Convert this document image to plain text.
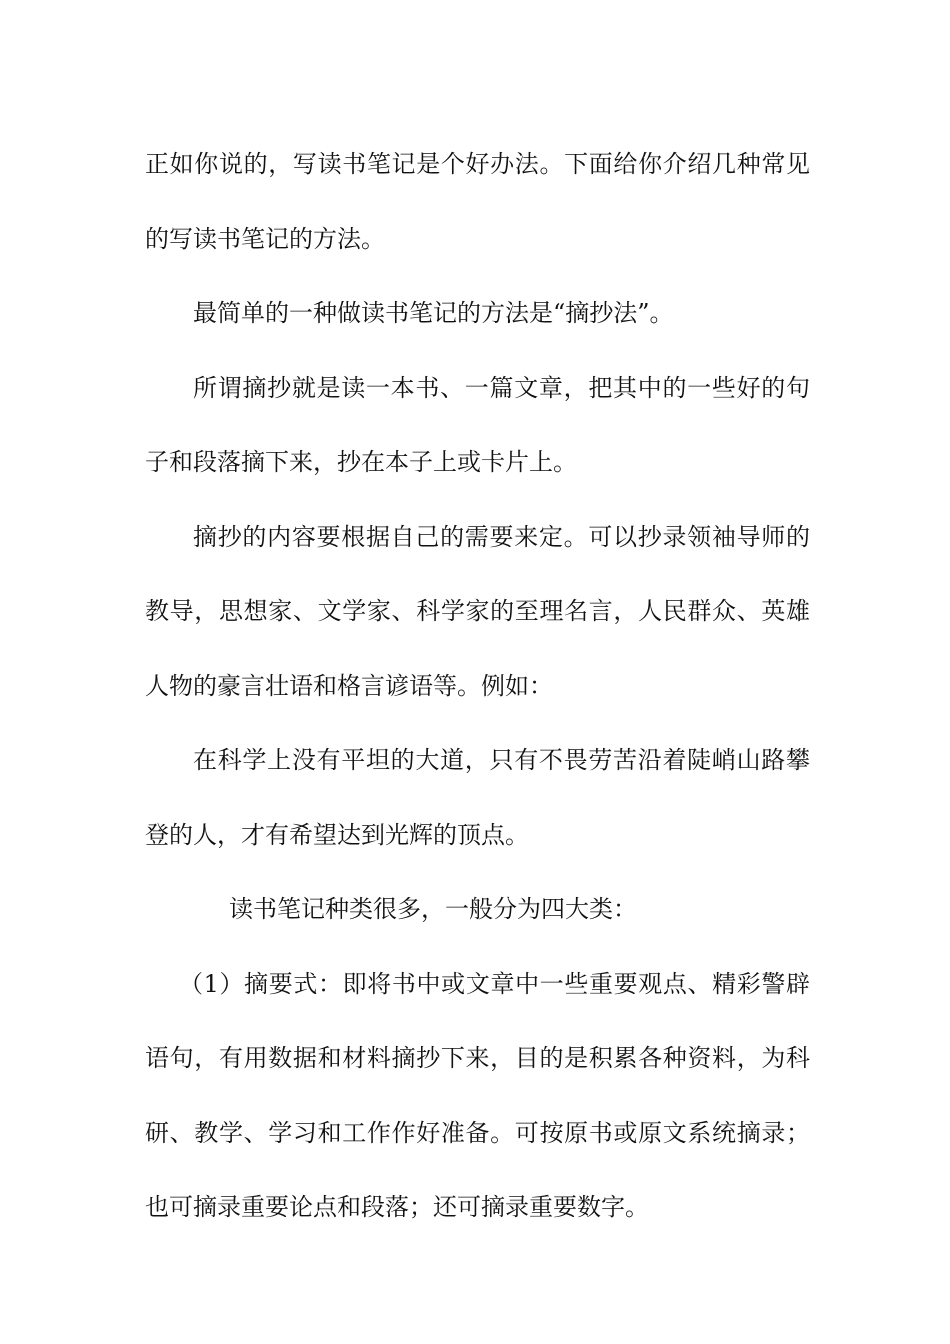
正如你说的，写读书笔记是个好办法。下面给你介绍几种常见的写读书笔记的方法。

最简单的一种做读书笔记的方法是“摘抄法”。

所谓摘抄就是读一本书、一篇文章，把其中的一些好的句子和段落摘下来，抄在本子上或卡片上。

摘抄的内容要根据自己的需要来定。可以抄录领袖导师的教导，思想家、文学家、科学家的至理名言，人民群众、英雄人物的豪言壮语和格言谚语等。例如：

在科学上没有平坦的大道，只有不畏劳苦沿着陡峭山路攀登的人，才有希望达到光辉的顶点。

读书笔记种类很多，一般分为四大类：

（1）摘要式：即将书中或文章中一些重要观点、精彩警辟语句，有用数据和材料摘抄下来，目的是积累各种资料，为科研、教学、学习和工作作好准备。可按原书或原文系统摘录；也可摘录重要论点和段落；还可摘录重要数字。
